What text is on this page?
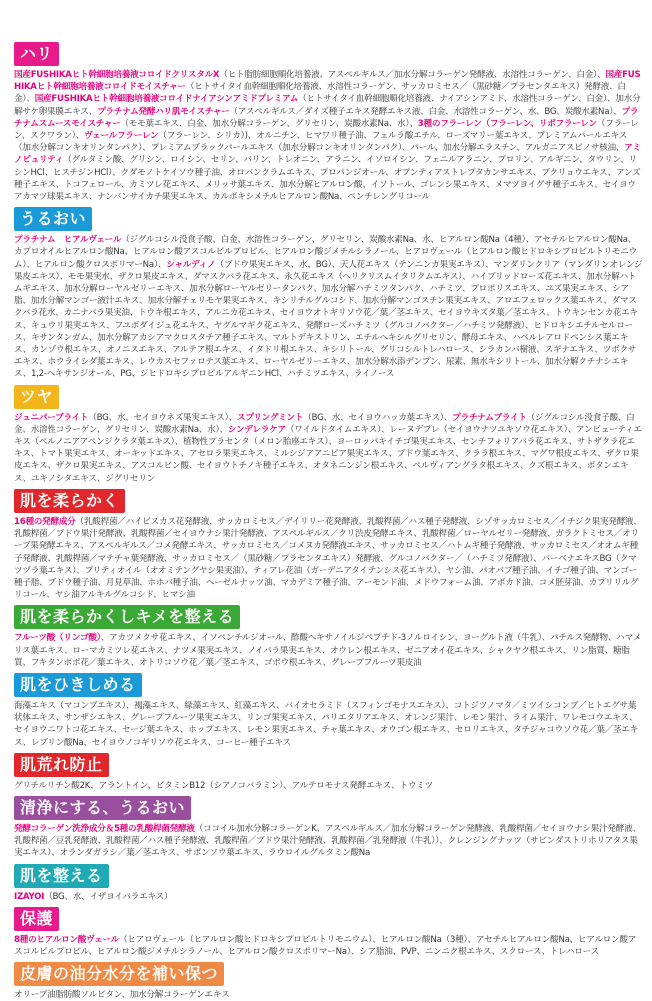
ハリ
国産FUSHIKAヒト幹細胞培養液コロイドクリスタルX（ヒト脂肪細胞順化培養液、アスペルギルス／加水分解コラーゲン発酵液、水溶性コラーゲン、白金）、国産FUSHIKAヒト幹細胞培養液コロイドモイスチャー（ヒトサイタイ血幹細胞順化培養液、水溶性コラーゲン、サッカロミセス／（黒砂糖／プラセンタエキス）発酵液、白金）、国産FUSHIKAヒト幹細胞培養液コロイドナイアシンアミドプレミアム（ヒトサイタイ血幹細胞順化培養液、ナイアシンアミド、水溶性コラーゲン、白金）、加水分解サケ卵果膜エキス、プラチナム発酵ハリ肌モイスチャー（アスペルギルス／ダイズ種子エキス発酵エキス液、白金、水溶性コラーゲン、水、BG、炭酸水素Na）、プラチナムスムースモイスチャー（モモ葉エキス、白金、加水分解コラーゲン、グリセリン、炭酸水素Na、水）、3種のフラーレン（フラーレン、リポフラーレン（フラーレン、スクワラン）、ヴェールフラーレン（フラーレン、シリカ）)、オルニチン、ヒマワリ種子油、フェルラ酸エチル、ローズマリー葉エキス、プレミアムパールエキス（加水分解コンキオリンタンパク）、プレミアムブラックパールエキス（加水分解コンキオリンタンパク）、パール、加水分解エラスチン、アルガニアスピノサ核油、アミノピュリティ（グルタミン酸、グリシン、ロイシン、セリン、バリン、トレオニン、アラニン、イソロイシン、フェニルアラニン、プロリン、アルギニン、タウリン、リシンHCl、ヒスチジンHCl）、クダモノトケイソウ種子油、オロバンクラムエキス、プロパンジオール、オプンティアストレプタカンサエキス、ブクリョウエキス、アンズ種子エキス、トコフェロール、カミツレ花エキス、メリッサ葉エキス、加水分解ヒアルロン酸、イソトール、ゴレンシ果エキス、メマツヨイグサ種子エキス、セイヨウアカマツ球果エキス、ナンバンサイカチ果実エキス、カルボキシメチルヒアルロン酸Na、ペンチレングリコール
うるおい
プラチナム　ヒアルヴェール（ジグルコシル没食子酸、白金、水溶性コラーゲン、グリセリン、炭酸水素Na、水、ヒアルロン酸Na（4種）、アセチルヒアルロン酸Na、カプロオイルヒアルロン酸Na、ヒアルロン酸アスコルビルプロピル、ヒアルロン酸ジメチルシラノール、ヒアロヴェール（ヒアルロン酸ヒドロキシプロピルトリモニウム）、ヒアルロン酸クロスポリマーNa）、シャルディノ（ブドウ果実エキス、水、BG）、天人花エキス（テンニンカ果実エキス）、マンダリンクリア（マンダリンオレンジ果皮エキス）、モモ果実水、ザクロ果皮エキス、ダマスクバラ花エキス、永久花エキス（ヘリクリスムイタリクムエキス）、ハイブリッドローズ花エキス、加水分解ハトムギエキス、加水分解ローヤルゼリーエキス、加水分解ローヤルゼリータンパク、加水分解ハチミツタンパク、ハチミツ、プロポリスエキス、ユズ果実エキス、シア脂、加水分解マンゴー液汁エキス、加水分解チェリモヤ果実エキス、キシリチルグルコシド、加水分解マンゴスチン果実エキス、アロエフェロックス葉エキス、ダマスクバラ花水、カニナバラ果実油、トウキ根エキス、アルニカ花エキス、セイヨウオトギリソウ花／葉／茎エキス、セイヨウキズタ葉／茎エキス、トウキンセンカ花エキス、キュウリ果実エキス、フユボダイジュ花エキス、ヤグルマギク花エキス、発酵ローズハチミツ（グルコノバクター／ハチミツ発酵液）、ヒドロキシエチルセルロース、キサンタンガム、加水分解アカシアマクロスタチア種子エキス、マルトデキストリン、エチルヘキシルグリセリン、酵母エキス、ハベルレアロドペンシス葉エキス、カンゾウ根エキス、オノニスエキス、アルテア根エキス、イタドリ根エキス、キシリトール、グリコシルトレハロース、シラカンバ樹液、スギナエキス、ツボクサエキス、ホウライシダ葉エキス、レウカスセファロテス葉エキス、ローヤルゼリーエキス、加水分解水添デンプン、尿素、無水キシリトール、加水分解クチナシエキス、1,2-ヘキサンジオール、PG、ジヒドロキシプロピルアルギニンHCl、ハチミツエキス、ライノース
ツヤ
ジュニパーブライト（BG、水、セイヨウネズ果実エキス）、スプリングミント（BG、水、セイヨウハッカ葉エキス）、プラチナムブライト（ジグルコシル没食子酸、白金、水溶性コラーゲン、グリセリン、炭酸水素Na、水）、シンデレラケア（ワイルドタイムエキス）、レーヌデプレ（セイヨウナツユキソウ花エキス）、アンビューティエキス（ペルノニアアペンジクラタ葉エキス）、植物性プラセンタ（メロン胎座エキス）、ヨーロッパキイチゴ果実エキス、センチフォリアバラ花エキス、サトザクラ花エキス、トマト果実エキス、オーキッドエキス、アセロラ果実エキス、ミルシジアアニピア果実エキス、ブドウ葉エキス、クララ根エキス、マグワ根皮エキス、ザクロ果皮エキス、ザクロ果実エキス、アスコルビン酸、セイヨウトチノキ種子エキス、オタネニンジン根エキス、ペルヴィアングラタ根エキス、クズ根エキス、ボタンエキス、ユキノシタエキス、ジグリセリン
肌を柔らかく
16種の発酵成分（乳酸桿菌／ハイビスカス花発酵液、サッカロミセス／デイリリー花発酵液、乳酸桿菌／ハス種子発酵液、シゾサッカロミセス／イチジク果実発酵液、乳酸桿菌／ブドウ果汁発酵液、乳酸桿菌／セイヨウナシ果汁発酵液、アスペルギルス／クリ渋皮発酵エキス、乳酸桿菌／ローヤルゼリー発酵液、ガラクトミセス／オリーブ果発酵エキス、アスペルギルス／コメ発酵エキス、サッカロミセス／コメヌカ発酵液エキス、サッカロミセス／ハトムギ種子発酵液、サッカロミセス／オオムギ種子発酵液、乳酸桿菌／マテチャ葉発酵液、サッカロミセス／（黒砂糖／プラセンタエキス）発酵液、グルコノバクター／（ハチミツ発酵液）、バーベナエキスBG（クマツヅラ葉エキス）、プリティオイル（オオミテングヤシ果実油）、ティアレ花油（ガーデニアタイテンシス花エキス）、ヤシ油、パオバブ種子油、イチゴ種子油、マンゴー種子脂、ブドウ種子油、月見草油、ホホバ種子油、ヘーゼルナッツ油、マカデミア種子油、アーモンド油、メドウフォーム油、アボカド油、コメ胚芽油、カプリリルグリコール、ヤシ油アルキルグルコシド、ヒマシ油
肌を柔らかくしキメを整える
フルーツ酸（リンゴ酸）、アカツメクサ花エキス、イソペンチルジオール、酢酸ヘキサノイルジペプチド-3ノルロイシン、ヨーグルト液（牛乳）、パチルス発酵物、ハマメリス葉エキス、ローマカミツレ花エキス、ナツメ果実エキス、ノイバラ果実エキス、オウレン根エキス、ゼニアオイ花エキス、シャクヤク根エキス、リン脂質、糖脂質、フキタンポポ花／葉エキス、オトリコソウ花／葉／茎エキス、ゴボウ根エキス、グレープフルーツ果皮油
肌をひきしめる
海藻エキス（マコンブエキス）、褐藻エキス、緑藻エキス、紅藻エキス、バイオセラミド（スフィンゴモナスエキス）、コトジツノマタ／ミツイシコンブ／ヒトエグサ葉状体エキス、サンザシエキス、グレープフルーツ果実エキス、リンゴ果実エキス、パリエタリアエキス、オレンジ果汁、レモン果汁、ライム果汁、ワレモコウエキス、セイヨウニワトコ花エキス、セージ葉エキス、ホップエキス、レモン果実エキス、チャ葉エキス、オウゴン根エキス、セロリエキス、タチジャコウソウ花／葉／茎エキス、レブリン酸Na、セイヨウノコギリソウ花エキス、コーヒー種子エキス
肌荒れ防止
グリチルリチン酸2K、アラントイン、ビタミンB12（シアノコバラミン）、アルテロモナス発酵エキス、トウミツ
清浄にする、うるおい
発酵コラーゲン洗浄成分＆5種の乳酸桿菌発酵液（ココイル加水分解コラーゲンK、アスペルギルス／加水分解コラーゲン発酵液、乳酸桿菌／セイヨウナシ果汁発酵液、乳酸桿菌／豆乳発酵液、乳酸桿菌／ハス種子発酵液、乳酸桿菌／ブドウ果汁発酵液、乳酸桿菌／乳発酵液（牛乳））、クレンジングナッツ（サピンダストリホリアタス果実エキス）、オランダガラシ／葉／茎エキス、サボンソウ葉エキス、ラウロイルグルタミン酸Na
肌を整える
IZAYOI（BG、水、イザヨイバラエキス）
保護
8種のヒアルロン酸ヴェール（ヒアロヴェール（ヒアルロン酸ヒドロキシプロピルトリモニウム）、ヒアルロン酸Na（3種）、アセチルヒアルロン酸Na、ヒアルロン酸アスコルビルプロピル、ヒアルロン酸ジメチルシラノール、ヒアルロン酸クロスポリマーNa）、シア脂油、PVP、ニンニク根エキス、スクロース、トレハロース
皮膚の油分水分を補い保つ
オリーブ油脂肪酸ソルビタン、加水分解コラーゲンエキス
